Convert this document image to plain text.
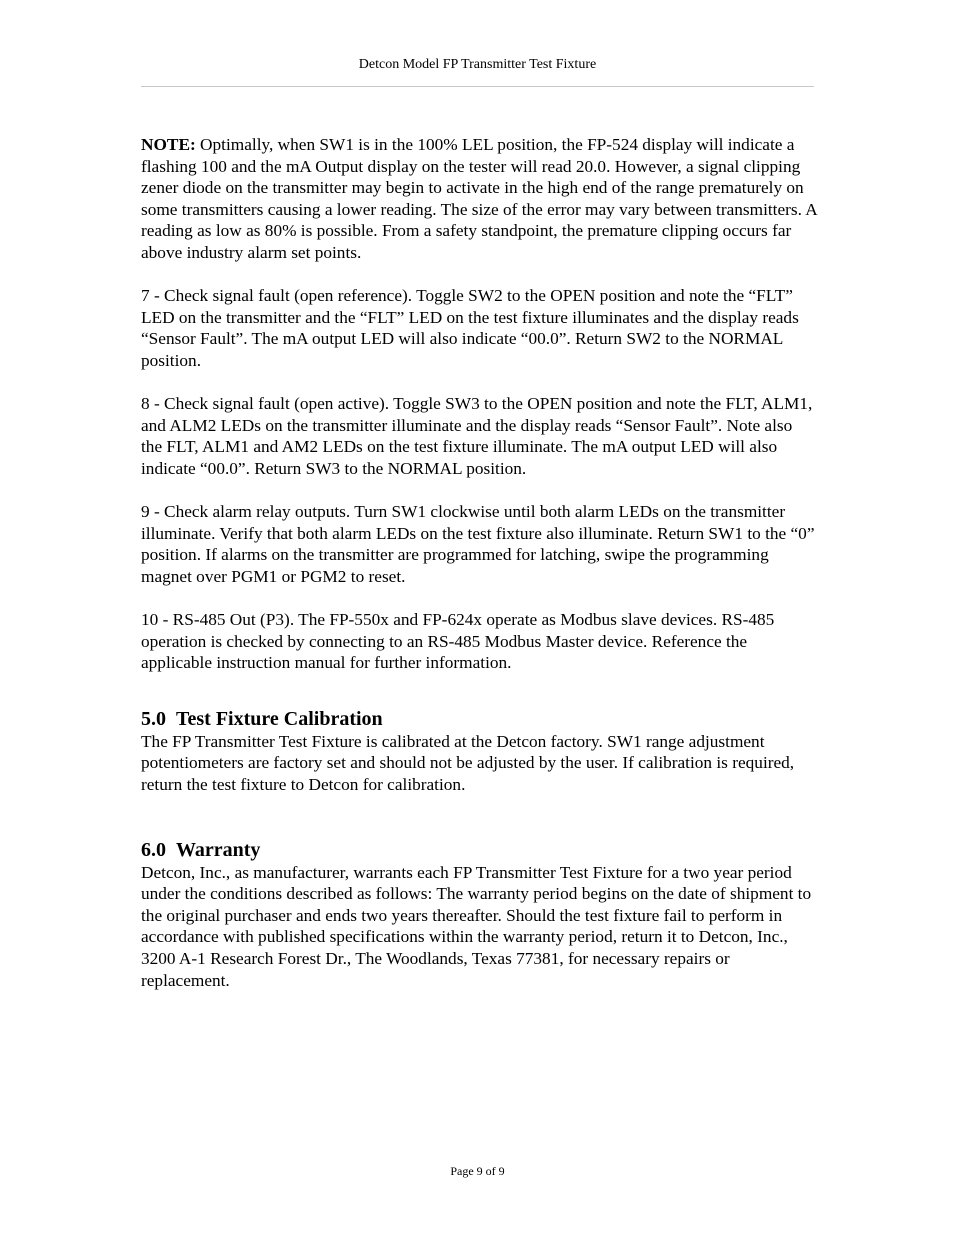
Detcon Model FP Transmitter Test Fixture

NOTE: Optimally, when SW1 is in the 100% LEL position, the FP-524 display will indicate a flashing 100 and the mA Output display on the tester will read 20.0. However, a signal clipping zener diode on the transmitter may begin to activate in the high end of the range prematurely on some transmitters causing a lower reading. The size of the error may vary between transmitters. A reading as low as 80% is possible. From a safety standpoint, the premature clipping occurs far above industry alarm set points.

7 - Check signal fault (open reference). Toggle SW2 to the OPEN position and note the “FLT” LED on the transmitter and the “FLT” LED on the test fixture illuminates and the display reads “Sensor Fault”. The mA output LED will also indicate “00.0”. Return SW2 to the NORMAL position.

8 - Check signal fault (open active). Toggle SW3 to the OPEN position and note the FLT, ALM1, and ALM2 LEDs on the transmitter illuminate and the display reads “Sensor Fault”. Note also the FLT, ALM1 and AM2 LEDs on the test fixture illuminate. The mA output LED will also indicate “00.0”. Return SW3 to the NORMAL position.

9 - Check alarm relay outputs. Turn SW1 clockwise until both alarm LEDs on the transmitter illuminate. Verify that both alarm LEDs on the test fixture also illuminate. Return SW1 to the “0” position. If alarms on the transmitter are programmed for latching, swipe the programming magnet over PGM1 or PGM2 to reset.

10 - RS-485 Out (P3). The FP-550x and FP-624x operate as Modbus slave devices. RS-485 operation is checked by connecting to an RS-485 Modbus Master device. Reference the applicable instruction manual for further information.

5.0 Test Fixture Calibration

The FP Transmitter Test Fixture is calibrated at the Detcon factory. SW1 range adjustment potentiometers are factory set and should not be adjusted by the user. If calibration is required, return the test fixture to Detcon for calibration.

6.0 Warranty

Detcon, Inc., as manufacturer, warrants each FP Transmitter Test Fixture for a two year period under the conditions described as follows: The warranty period begins on the date of shipment to the original purchaser and ends two years thereafter. Should the test fixture fail to perform in accordance with published specifications within the warranty period, return it to Detcon, Inc., 3200 A-1 Research Forest Dr., The Woodlands, Texas 77381, for necessary repairs or replacement.

Page 9 of 9
